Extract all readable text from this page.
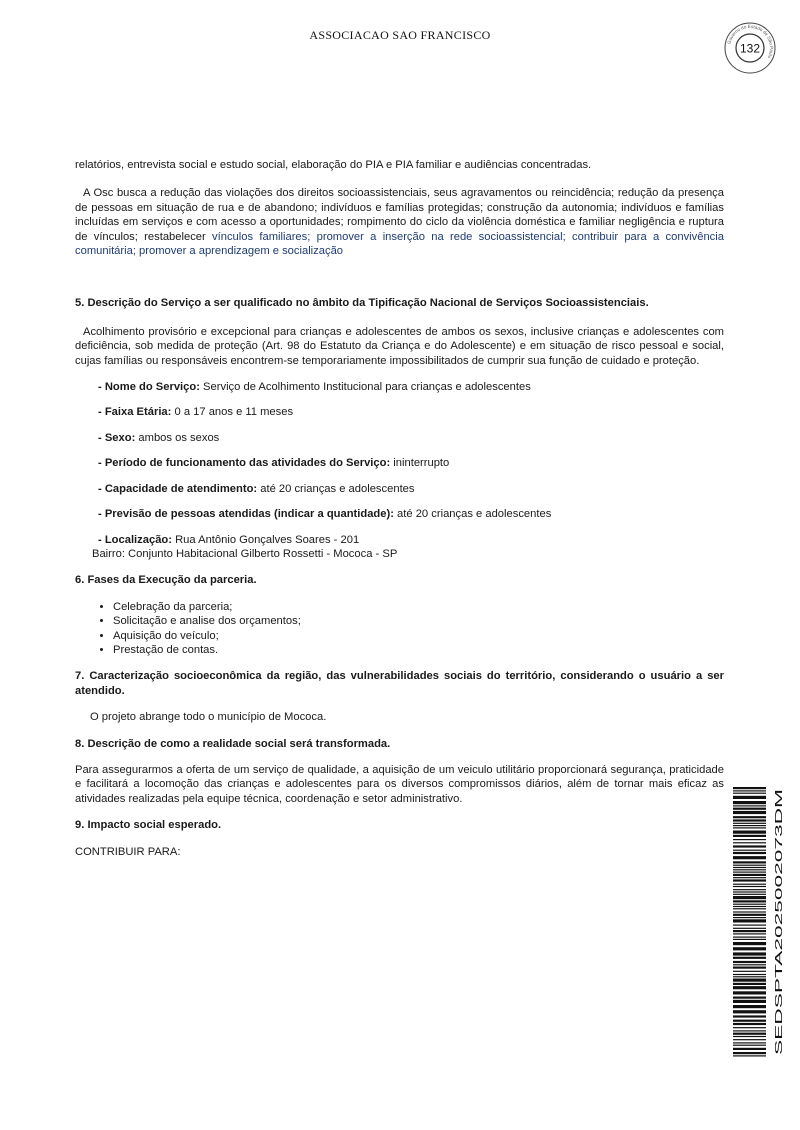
ASSOCIACAO SAO FRANCISCO
Governo do Estado de São Paulo
132

relatórios, entrevista social e estudo social, elaboração do PIA e PIA familiar e audiências concentradas.

A Osc busca a redução das violações dos direitos socioassistenciais, seus agravamentos ou reincidência; redução da presença de pessoas em situação de rua e de abandono; indivíduos e famílias protegidas; construção da autonomia; indivíduos e famílias incluídas em serviços e com acesso a oportunidades; rompimento do ciclo da violência doméstica e familiar negligência e ruptura de vínculos; restabelecer vínculos familiares; promover a inserção na rede socioassistencial; contribuir para a convivência comunitária; promover a aprendizagem e socialização

5. Descrição do Serviço a ser qualificado no âmbito da Tipificação Nacional de Serviços Socioassistenciais.

Acolhimento provisório e excepcional para crianças e adolescentes de ambos os sexos, inclusive crianças e adolescentes com deficiência, sob medida de proteção (Art. 98 do Estatuto da Criança e do Adolescente) e em situação de risco pessoal e social, cujas famílias ou responsáveis encontrem-se temporariamente impossibilitados de cumprir sua função de cuidado e proteção.

- Nome do Serviço: Serviço de Acolhimento Institucional para crianças e adolescentes

- Faixa Etária: 0 a 17 anos e 11 meses

- Sexo: ambos os sexos

- Período de funcionamento das atividades do Serviço: ininterrupto

- Capacidade de atendimento: até 20 crianças e adolescentes

- Previsão de pessoas atendidas (indicar a quantidade): até 20 crianças e adolescentes

- Localização: Rua Antônio Gonçalves Soares - 201

Bairro: Conjunto Habitacional Gilberto Rossetti - Mococa - SP

6. Fases da Execução da parceria.

• Celebração da parceria;
• Solicitação e analise dos orçamentos;
• Aquisição do veículo;
• Prestação de contas.

7. Caracterização socioeconômica da região, das vulnerabilidades sociais do território, considerando o usuário a ser atendido.

O projeto abrange todo o município de Mococa.

8. Descrição de como a realidade social será transformada.

Para assegurarmos a oferta de um serviço de qualidade, a aquisição de um veiculo utilitário proporcionará segurança, praticidade e facilitará a locomoção das crianças e adolescentes para os diversos compromissos diários, além de tornar mais eficaz as atividades realizadas pela equipe técnica, coordenação e setor administrativo.

9. Impacto social esperado.

CONTRIBUIR PARA:

SEDSPTA2025002073DM
